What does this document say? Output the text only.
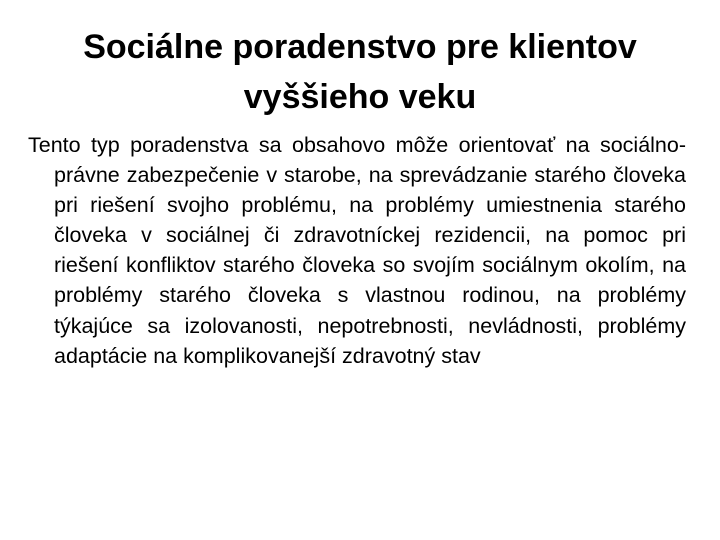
Sociálne poradenstvo pre klientov vyššieho veku

Tento typ poradenstva sa obsahovo môže orientovať na sociálno-právne zabezpečenie v starobe, na sprevádzanie starého človeka pri riešení svojho problému, na problémy umiestnenia starého človeka v sociálnej či zdravotníckej rezidencii, na pomoc pri riešení konfliktov starého človeka so svojím sociálnym okolím, na problémy starého človeka s vlastnou rodinou, na problémy týkajúce sa izolovanosti, nepotrebnosti, nevládnosti, problémy adaptácie na komplikovanejší zdravotný stav
